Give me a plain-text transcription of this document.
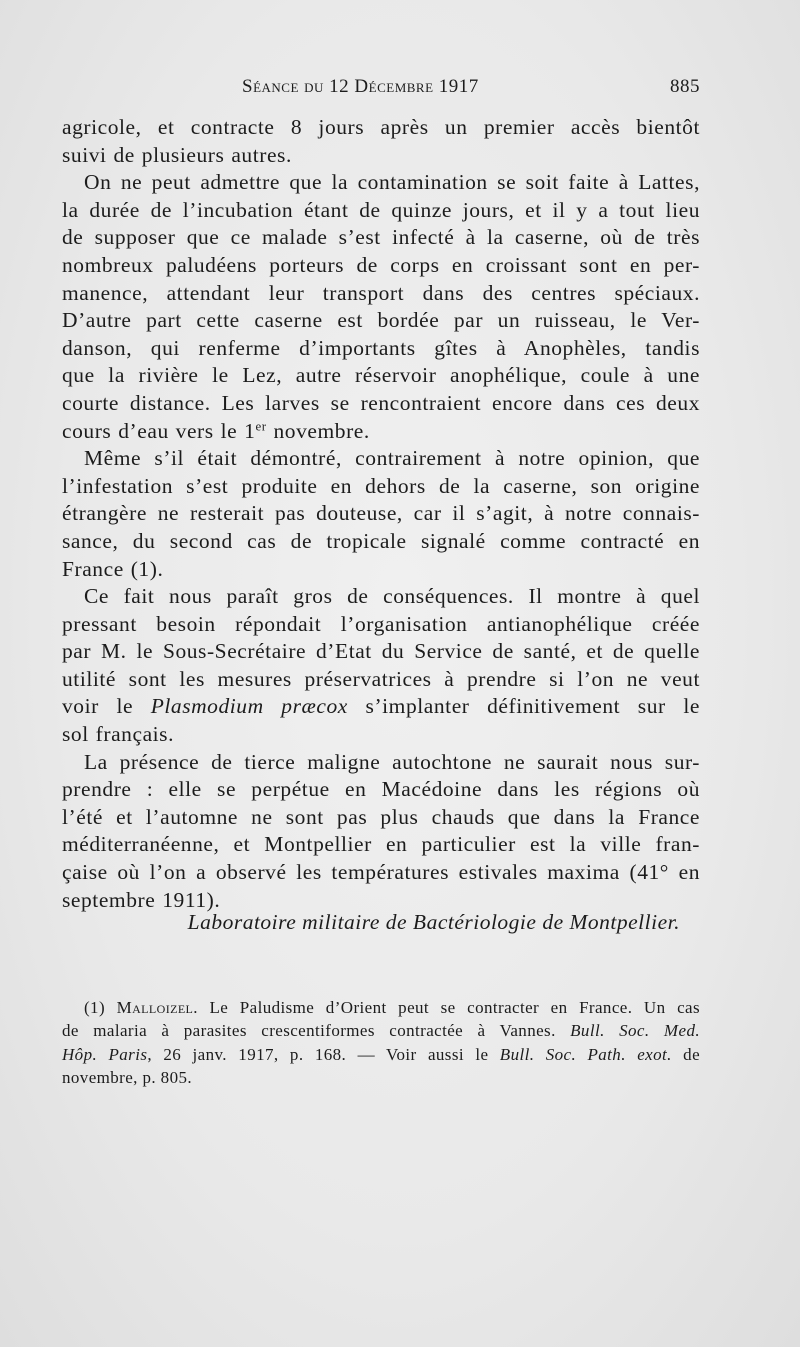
Séance du 12 Décembre 1917	885

agricole, et contracte 8 jours après un premier accès bientôt
suivi de plusieurs autres.

On ne peut admettre que la contamination se soit faite à Lattes,
la durée de l’incubation étant de quinze jours, et il y a tout lieu
de supposer que ce malade s’est infecté à la caserne, où de très
nombreux paludéens porteurs de corps en croissant sont en per-
manence, attendant leur transport dans des centres spéciaux.
D’autre part cette caserne est bordée par un ruisseau, le Ver-
danson, qui renferme d’importants gîtes à Anophèles, tandis
que la rivière le Lez, autre réservoir anophélique, coule à une
courte distance. Les larves se rencontraient encore dans ces deux
cours d’eau vers le 1er novembre.

Même s’il était démontré, contrairement à notre opinion, que
l’infestation s’est produite en dehors de la caserne, son origine
étrangère ne resterait pas douteuse, car il s’agit, à notre connais-
sance, du second cas de tropicale signalé comme contracté en
France (1).

Ce fait nous paraît gros de conséquences. Il montre à quel
pressant besoin répondait l’organisation antianophélique créée
par M. le Sous-Secrétaire d’Etat du Service de santé, et de quelle
utilité sont les mesures préservatrices à prendre si l’on ne veut
voir le Plasmodium præcox s’implanter définitivement sur le
sol français.

La présence de tierce maligne autochtone ne saurait nous sur-
prendre : elle se perpétue en Macédoine dans les régions où
l’été et l’automne ne sont pas plus chauds que dans la France
méditerranéenne, et Montpellier en particulier est la ville fran-
çaise où l’on a observé les températures estivales maxima (41° en
septembre 1911).

Laboratoire militaire de Bactériologie de Montpellier.
(1) Malloizel. Le Paludisme d’Orient peut se contracter en France. Un cas
de malaria à parasites crescentiformes contractée à Vannes. Bull. Soc. Med.
Hôp. Paris, 26 janv. 1917, p. 168. — Voir aussi le Bull. Soc. Path. exot. de
novembre, p. 805.
